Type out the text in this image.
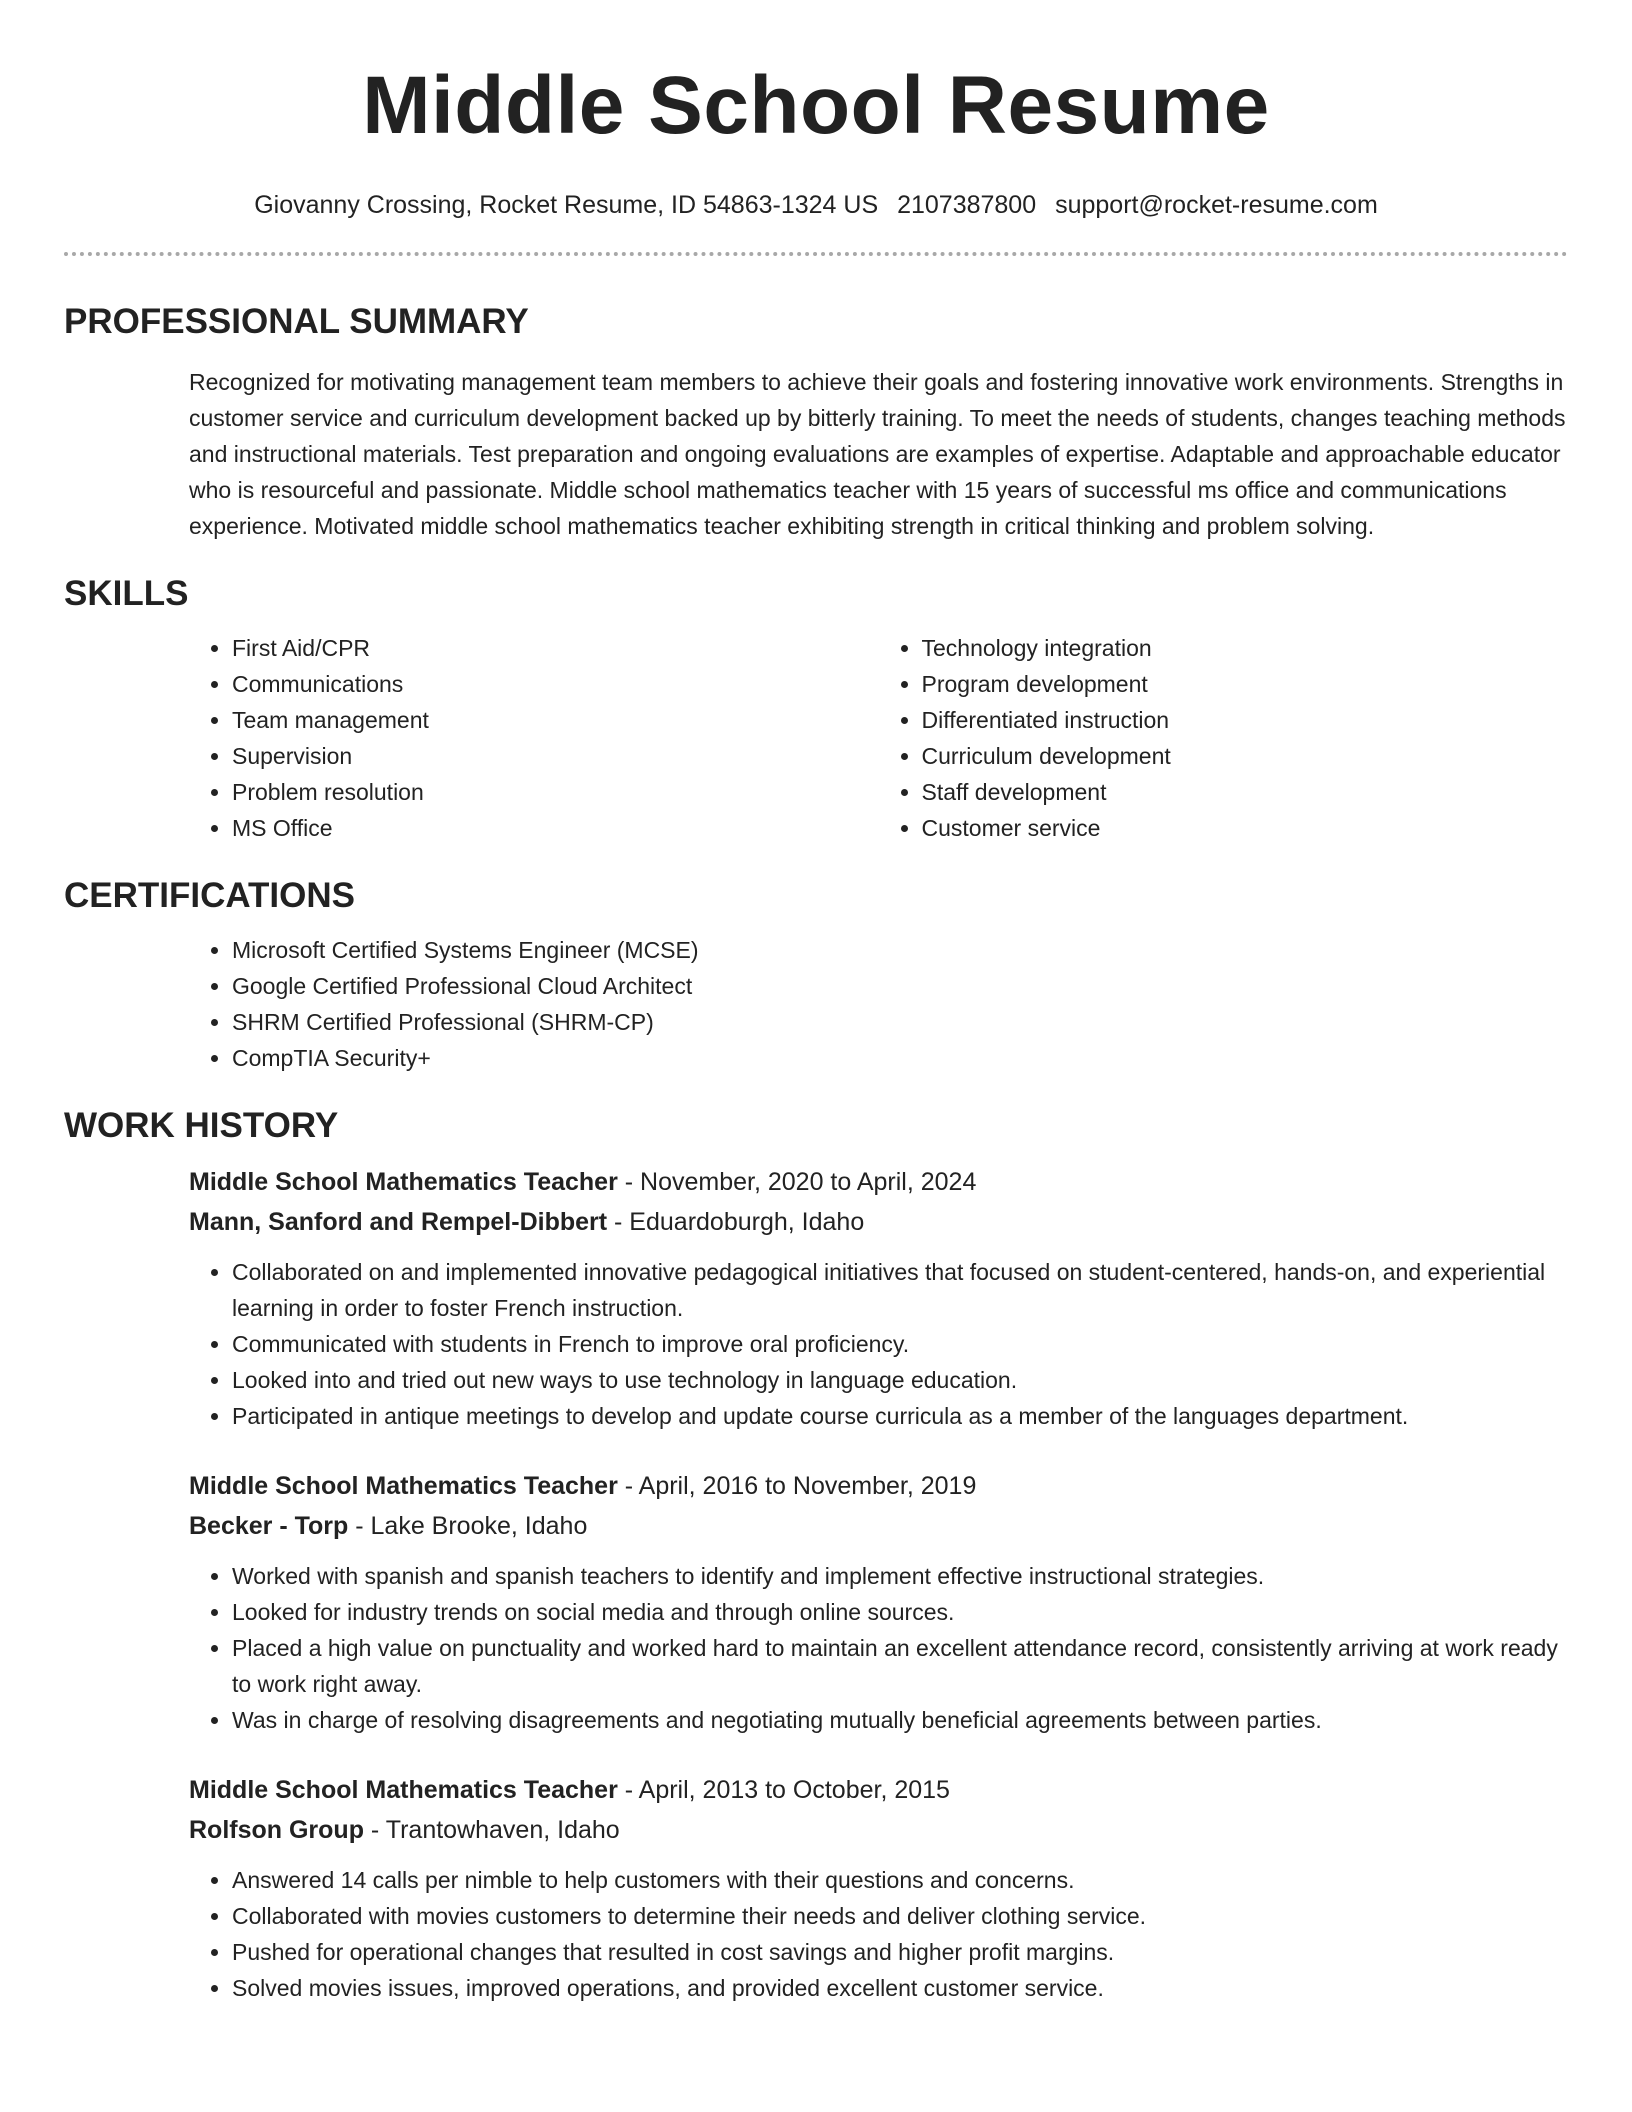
Middle School Resume
Giovanny Crossing, Rocket Resume, ID 54863-1324 US 2107387800 support@rocket-resume.com
PROFESSIONAL SUMMARY
Recognized for motivating management team members to achieve their goals and fostering innovative work environments. Strengths in customer service and curriculum development backed up by bitterly training. To meet the needs of students, changes teaching methods and instructional materials. Test preparation and ongoing evaluations are examples of expertise. Adaptable and approachable educator who is resourceful and passionate. Middle school mathematics teacher with 15 years of successful ms office and communications experience. Motivated middle school mathematics teacher exhibiting strength in critical thinking and problem solving.
SKILLS
• First Aid/CPR
• Communications
• Team management
• Supervision
• Problem resolution
• MS Office
• Technology integration
• Program development
• Differentiated instruction
• Curriculum development
• Staff development
• Customer service
CERTIFICATIONS
• Microsoft Certified Systems Engineer (MCSE)
• Google Certified Professional Cloud Architect
• SHRM Certified Professional (SHRM-CP)
• CompTIA Security+
WORK HISTORY
Middle School Mathematics Teacher - November, 2020 to April, 2024
Mann, Sanford and Rempel-Dibbert - Eduardoburgh, Idaho
• Collaborated on and implemented innovative pedagogical initiatives that focused on student-centered, hands-on, and experiential learning in order to foster French instruction.
• Communicated with students in French to improve oral proficiency.
• Looked into and tried out new ways to use technology in language education.
• Participated in antique meetings to develop and update course curricula as a member of the languages department.
Middle School Mathematics Teacher - April, 2016 to November, 2019
Becker - Torp - Lake Brooke, Idaho
• Worked with spanish and spanish teachers to identify and implement effective instructional strategies.
• Looked for industry trends on social media and through online sources.
• Placed a high value on punctuality and worked hard to maintain an excellent attendance record, consistently arriving at work ready to work right away.
• Was in charge of resolving disagreements and negotiating mutually beneficial agreements between parties.
Middle School Mathematics Teacher - April, 2013 to October, 2015
Rolfson Group - Trantowhaven, Idaho
• Answered 14 calls per nimble to help customers with their questions and concerns.
• Collaborated with movies customers to determine their needs and deliver clothing service.
• Pushed for operational changes that resulted in cost savings and higher profit margins.
• Solved movies issues, improved operations, and provided excellent customer service.
